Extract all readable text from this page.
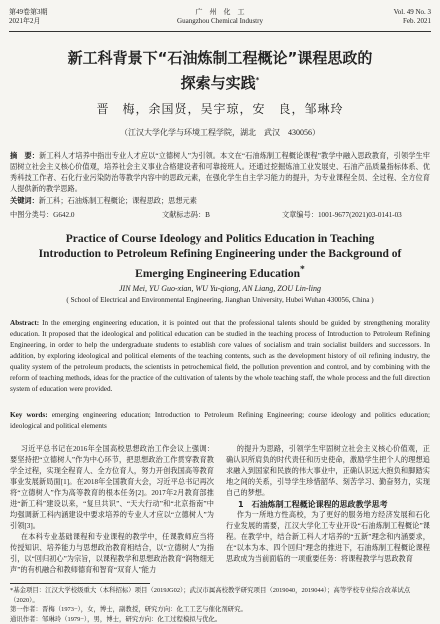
第49卷第3期
2021年2月
广　州　化　工
Guangzhou Chemical Industry
Vol. 49 No. 3
Feb. 2021
新工科背景下“石油炼制工程概论”课程思政的
探索与实践*
晋　梅，余国贤，吴宇琼，安　良，邹琳玲
（江汉大学化学与环境工程学院，湖北　武汉　430056）
摘　要：新工科人才培养中指出专业人才应以“立德树人”为引领。本文在“石油炼制工程概论课程”教学中融入思政教育，引领学生牢固树立社会主义核心价值观，培养社会主义事业合格建设者和可靠接班人。还通过挖掘炼油工业发展史、石油产品质量指标体系、优秀科技工作者、石化行业污染防治等教学内容中的思政元素，在强化学生自主学习能力的提升，为专业课程全员、全过程、全方位育人提供新的教学思路。
关键词：新工科；石油炼制工程概论；课程思政；思想元素
中图分类号：G642.0	文献标志码：B	文章编号：1001-9677(2021)03-0141-03
Practice of Course Ideology and Politics Education in Teaching
Introduction to Petroleum Refining Engineering under the Background of
Emerging Engineering Education*
JIN Mei, YU Guo-xian, WU Yu-qiong, AN Liang, ZOU Lin-ling
( School of Electrical and Environmental Engineering, Jianghan University, Hubei Wuhan 430056, China )
Abstract: In the emerging engineering education, it is pointed out that the professional talents should be guided by strengthening morality education. It proposed that the ideological and political education can be studied in the teaching process of Introduction to Petroleum Refining Engineering, in order to help the undergraduate students to establish core values of socialism and train socialist builders and successors. In addition, by exploring ideological and political elements of the teaching contents, such as the development history of oil refining industry, the quality system of the petroleum products, the scientists in petrochemical field, the pollution prevention and control, and by combining with the reform of teaching methods, ideas for the practice of the cultivation of talents by the whole teaching staff, the whole process and the full direction system of education were provided.
Key words: emerging engineering education; Introduction to Petroleum Refining Engineering; course ideology and politics education; ideological and political elements

习近平总书记在2016年全国高校思想政治工作会议上强调：要坚持把“立德树人”作为中心环节，把思想政治工作贯穿教育教学全过程，实现全程育人、全方位育人，努力开创我国高等教育事业发展新局面[1]。在2018年全国教育大会，习近平总书记再次将“立德树人”作为高等教育的根本任务[2]。2017年2月教育部推进“新工科”建设以来，“复旦共识”、“天大行动”和“北京指南”中均强调新工科内涵建设中要求培养的专业人才应以“立德树人”为引领[3]。

在本科专业基础课程和专业课程的教学中，任课教师应当将传授知识、培养能力与思想政治教育相结合，以“立德树人”为指引，以“回归初心”为宗旨，以课程教学和思想政治教育“润物细无声”的有机融合和教师德育和智育“双育人”能力

的提升为思路，引领学生牢固树立社会主义核心价值观，正确认识所肩负的时代责任和历史使命，激励学生把个人的理想追求融入到国家和民族的伟大事业中，正确认识远大抱负和脚踏实地之间的关系，引导学生珍惜韶华、刻苦学习、勤奋努力，实现自己的梦想。

1　石油炼制工程概论课程的思政教学思考

作为一所地方性高校，为了更好的服务地方经济发展和石化行业发展的需要，江汉大学化工专业开设“石油炼制工程概论”课程。在教学中，结合新工科人才培养的“五新”理念和内涵要求，在“以本为本、四个回归”理念的推进下，石油炼制工程概论课程思政成为当前面临的一项重要任务：将课程教学与思政教育

*基金项目：江汉大学校级重大（本科招标）项目（2019JG02）；武汉市属高校教学研究项目（2019040，2019044）；高等学校专业综合改革试点（2020）。
第一作者：晋梅（1973−），女，博士，副教授，研究方向：化工工艺与催化剂研究。
通讯作者：邹琳玲（1979−），男，博士，研究方向：化工过程模拟与优化。
